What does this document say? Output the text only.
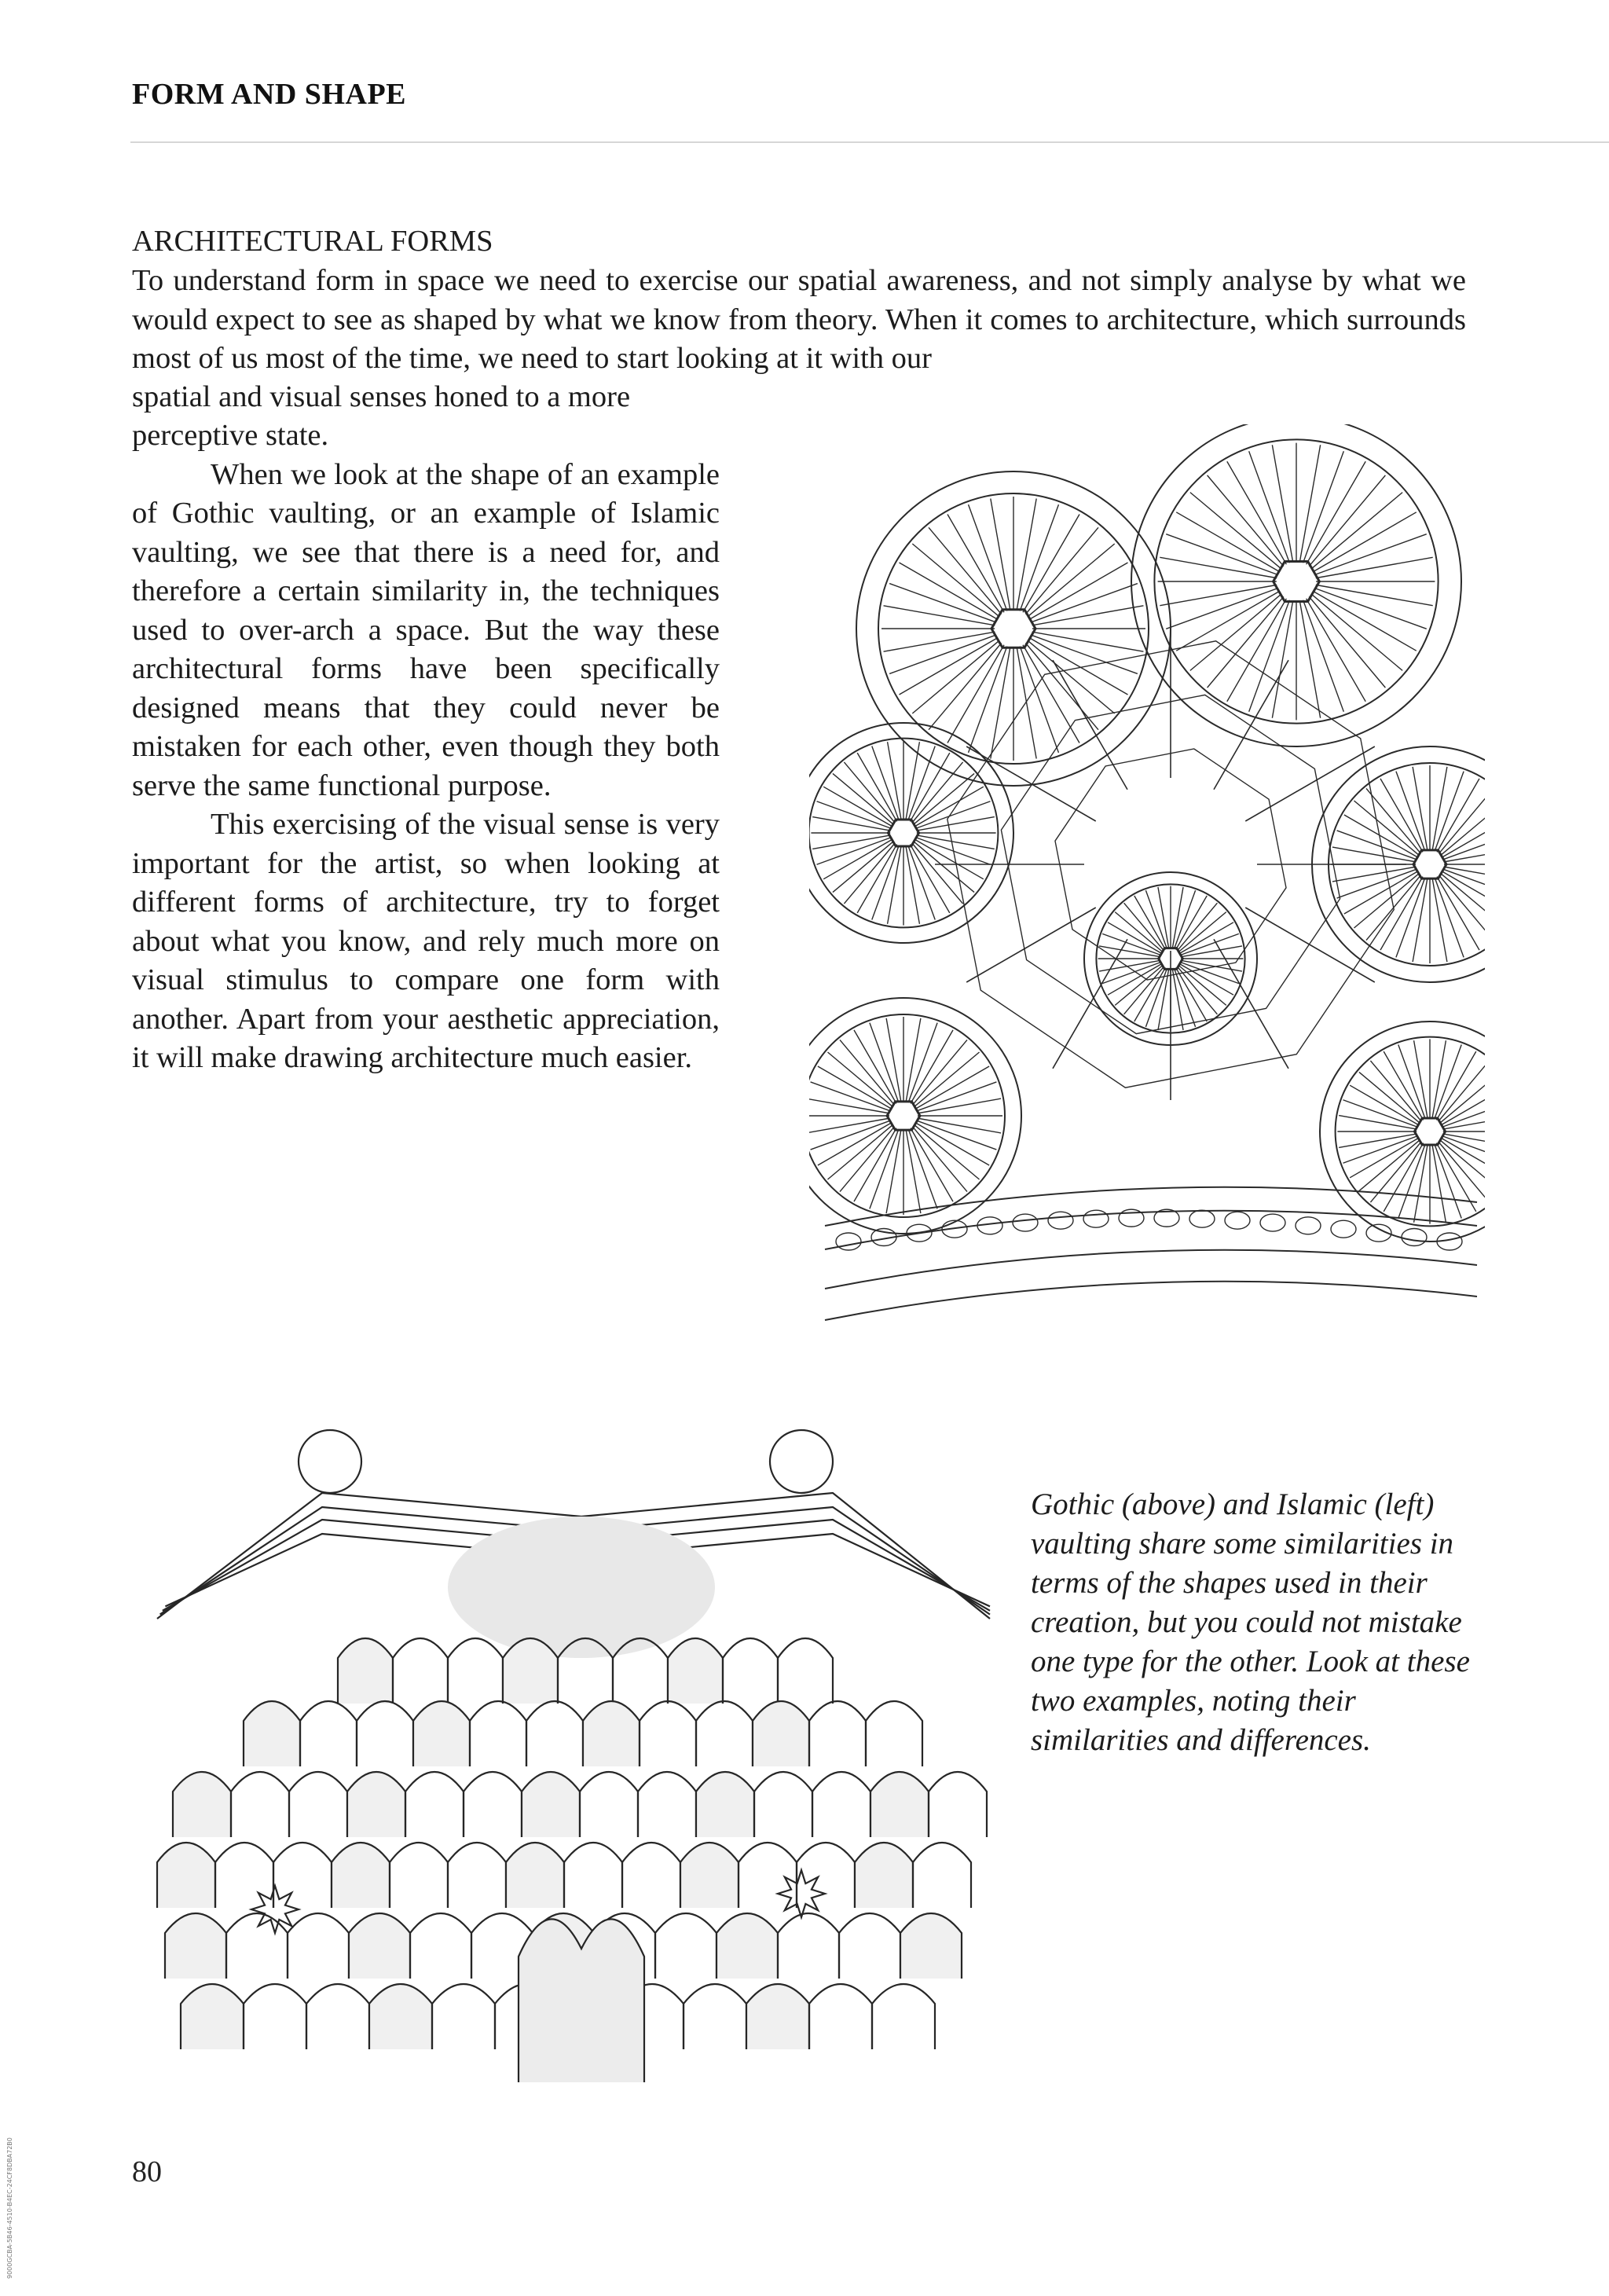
FORM AND SHAPE
ARCHITECTURAL FORMS
To understand form in space we need to exercise our spatial awareness, and not simply analyse by what we would expect to see as shaped by what we know from theory. When it comes to architecture, which surrounds most of us most of the time, we need to start looking at it with our
spatial and visual senses honed to a more

perceptive state.

When we look at the shape of an example of Gothic vaulting, or an example of Islamic vaulting, we see that there is a need for, and therefore a certain similarity in, the techniques used to over-arch a space. But the way these architectural forms have been specifically designed means that they could never be mistaken for each other, even though they both serve the same functional purpose.

This exercising of the visual sense is very important for the artist, so when looking at different forms of architecture, try to forget about what you know, and rely much more on visual stimulus to compare one form with another. Apart from your aesthetic appreciation, it will make drawing architecture much easier.

Gothic (above) and Islamic (left) vaulting share some similarities in terms of the shapes used in their creation, but you could not mistake one type for the other. Look at these two examples, noting their similarities and differences.
80
9000GCBA-5B46-4510-B4EC-24CF8DBA72B0
